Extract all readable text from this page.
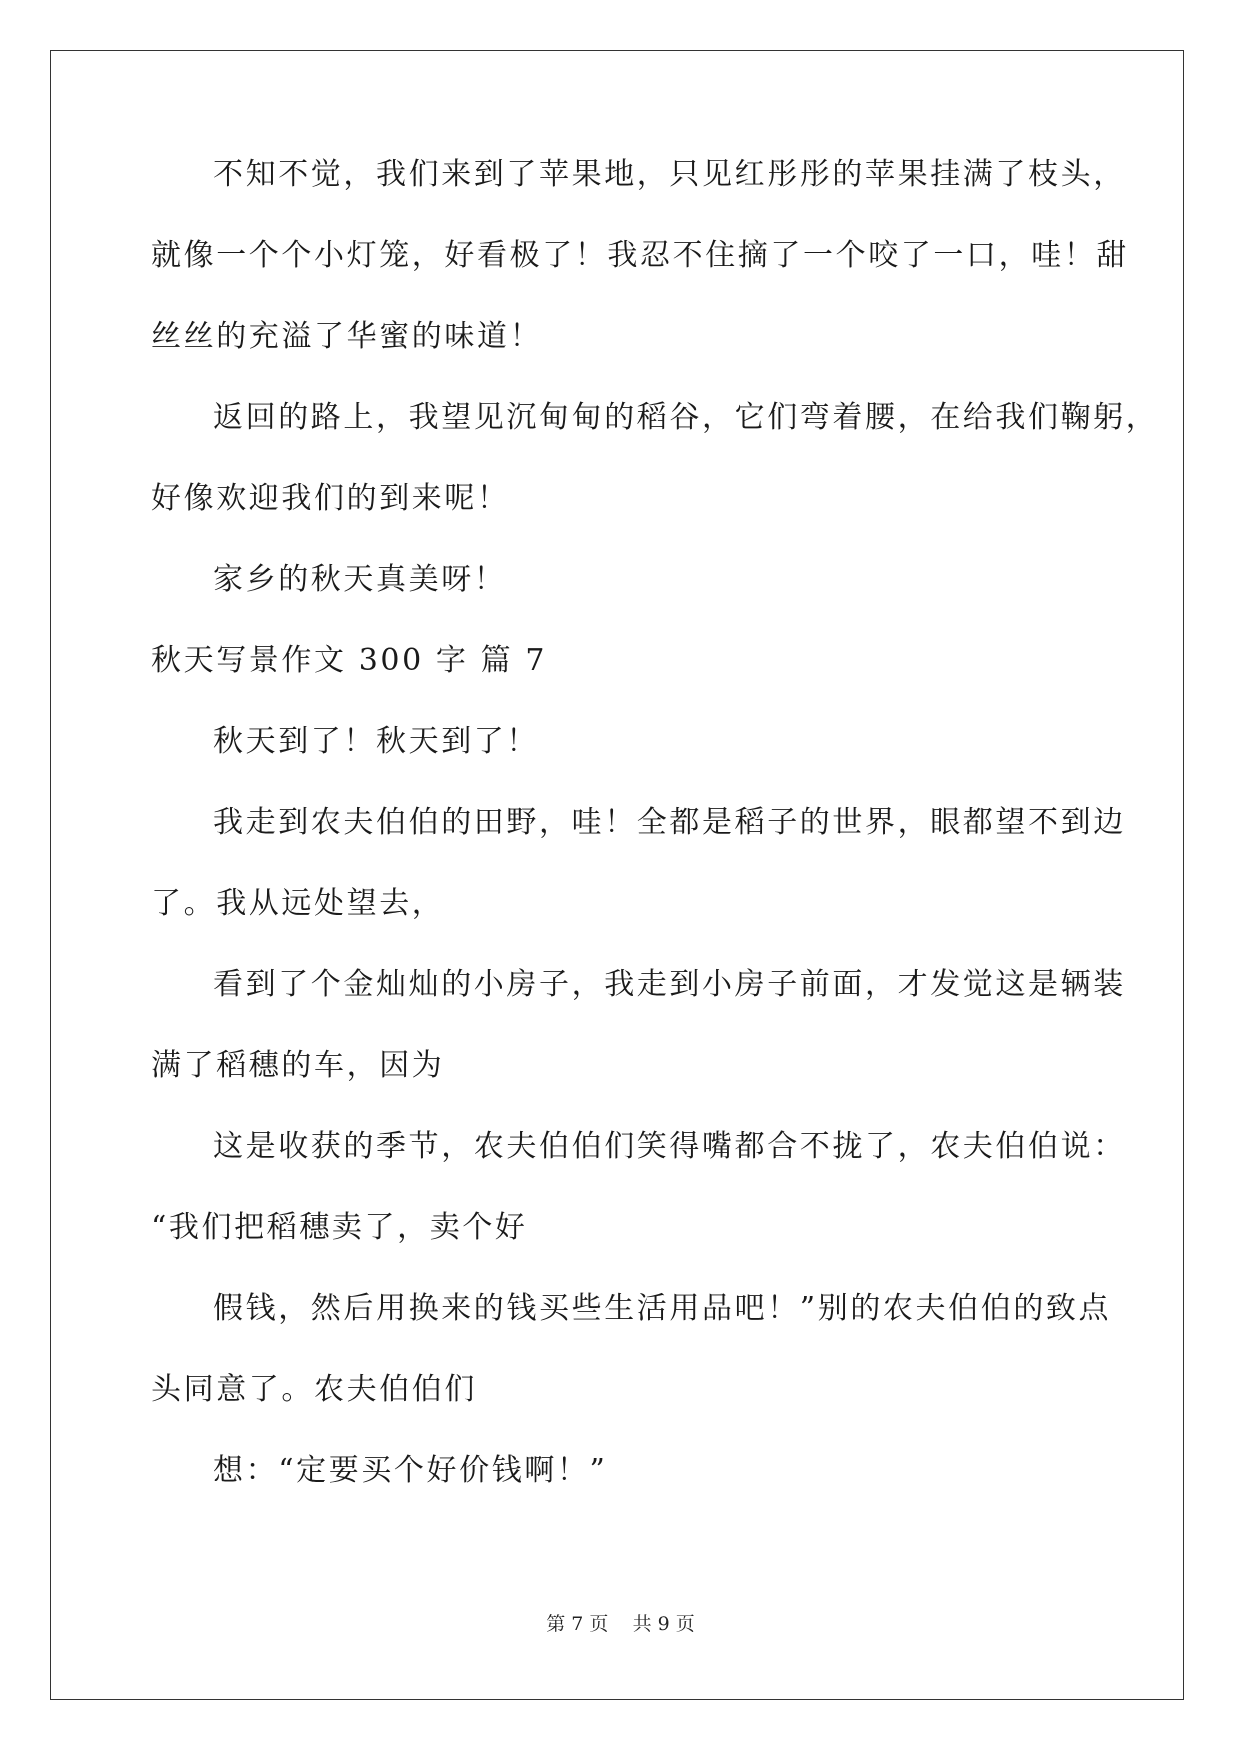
不知不觉，我们来到了苹果地，只见红彤彤的苹果挂满了枝头，
就像一个个小灯笼，好看极了！我忍不住摘了一个咬了一口，哇！甜
丝丝的充溢了华蜜的味道！
返回的路上，我望见沉甸甸的稻谷，它们弯着腰，在给我们鞠躬，
好像欢迎我们的到来呢！
家乡的秋天真美呀！
秋天写景作文 300 字 篇 7
秋天到了！秋天到了！
我走到农夫伯伯的田野，哇！全都是稻子的世界，眼都望不到边
了。我从远处望去，
看到了个金灿灿的小房子，我走到小房子前面，才发觉这是辆装
满了稻穗的车，因为
这是收获的季节，农夫伯伯们笑得嘴都合不拢了，农夫伯伯说：
“我们把稻穗卖了，卖个好
假钱，然后用换来的钱买些生活用品吧！”别的农夫伯伯的致点
头同意了。农夫伯伯们
想：“定要买个好价钱啊！”
第 7 页    共 9 页
